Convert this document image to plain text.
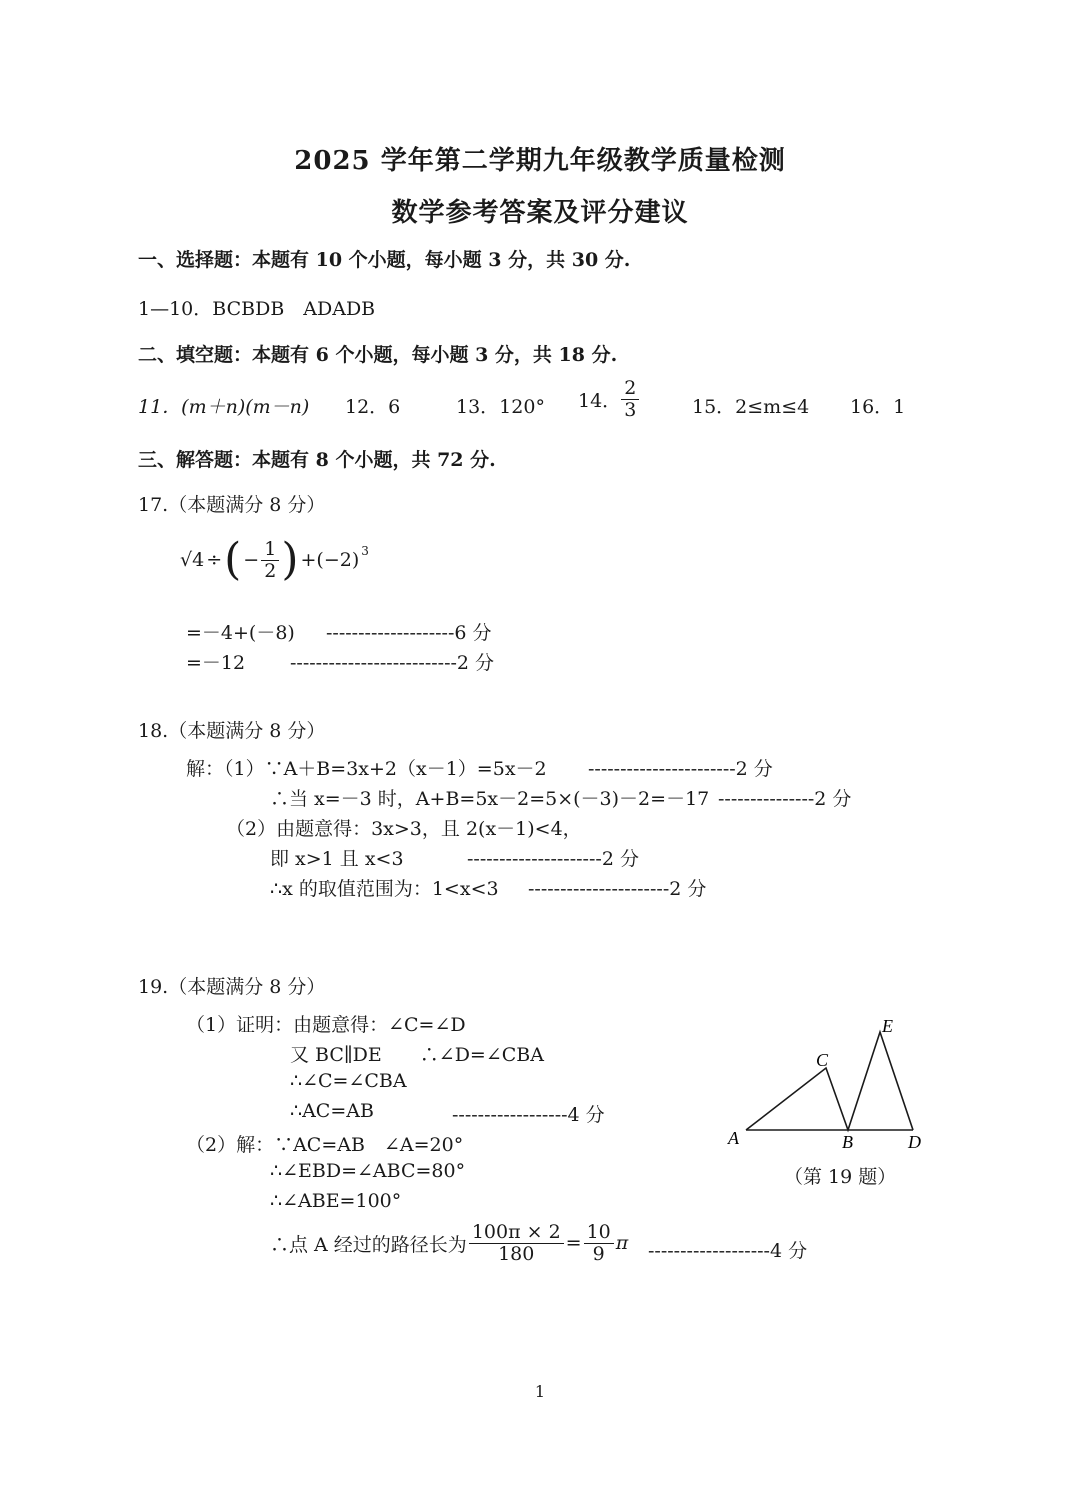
2025 学年第二学期九年级教学质量检测
数学参考答案及评分建议
一、选择题：本题有 10 个小题，每小题 3 分，共 30 分.
1—10．BCBDB　ADADB
二、填空题：本题有 6 个小题，每小题 3 分，共 18 分.
11．(m＋n)(m－n) 12．6	13．120° 14． $\frac{2}{3}$	15．2≤m≤4 16．1
三、解答题：本题有 8 个小题，共 72 分.
17.（本题满分 8 分）
√4 ÷ ( − $\frac{1}{2}$ ) $+(-2)^3$
=－4+(－8) --------------------6 分
=－12 --------------------------2 分
18.（本题满分 8 分）
解：（1）∵A＋B=3x+2（x－1）=5x－2 -----------------------2 分
∴当 x=－3 时，A+B=5x－2=5×(－3)－2=－17 ---------------2 分
（2）由题意得：3x>3，且 2(x－1)<4，
即 x>1 且 x<3	---------------------2 分
∴x 的取值范围为：1<x<3 ----------------------2 分
19.（本题满分 8 分）
（1）证明：由题意得：∠C=∠D
又 BC∥DE　　∴∠D=∠CBA
∴∠C=∠CBA
∴AC=AB	------------------4 分
（2）解：∵AC=AB　∠A=20°
∴∠EBD=∠ABC=80°
∴∠ABE=100°
∴点 A 经过的路径长为 $\frac{100\pi \times 2}{180} = \frac{10}{9}$ π -------------------4 分
A
C
B
E
D
（第 19 题）
1
